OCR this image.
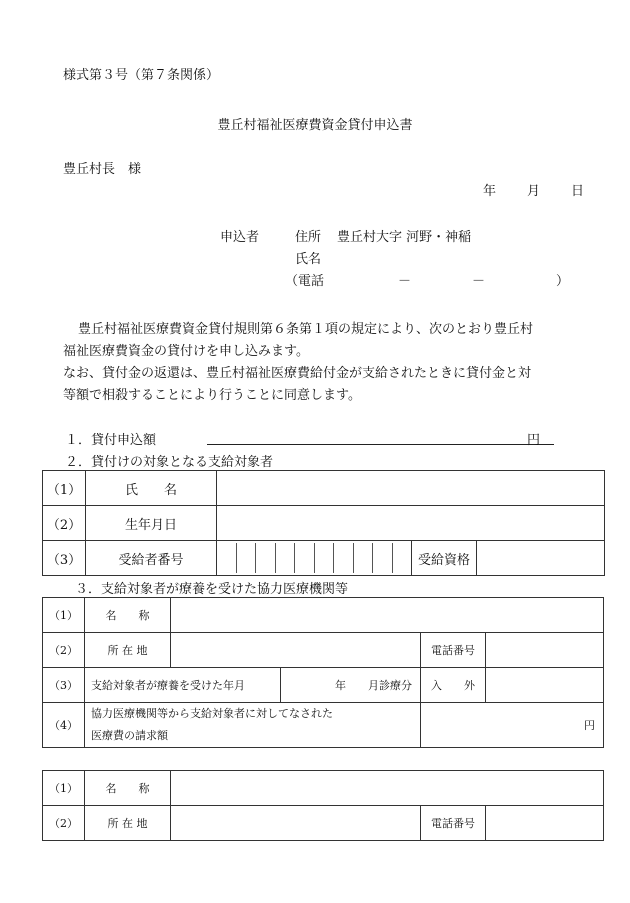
様式第３号（第７条関係）
豊丘村福祉医療費資金貸付申込書
豊丘村長　様
年 月 日
申込者	住所 豊丘村大字 河野・神稲
氏名
（電話	－	－	）
豊丘村福祉医療費資金貸付規則第６条第１項の規定により、次のとおり豊丘村
福祉医療費資金の貸付けを申し込みます。
なお、貸付金の返還は、豊丘村福祉医療費給付金が支給されたときに貸付金と対
等額で相殺することにより行うことに同意します。
１．貸付申込額	円
２．貸付けの対象となる支給対象者
（1）	氏　　名			
（2）	生年月日			
（3）	受給者番号		受給資格	
３．支給対象者が療養を受けた協力医療機関等
（1）	名　　称				
（2）	所 在 地			電話番号	
（3）	支給対象者が療養を受けた年月		年　　月診療分	入　　外	
（4）	協力医療機関等から支給対象者に対してなされた
医療費の請求額			円	
（1）	名　　称			
（2）	所 在 地		電話番号	
